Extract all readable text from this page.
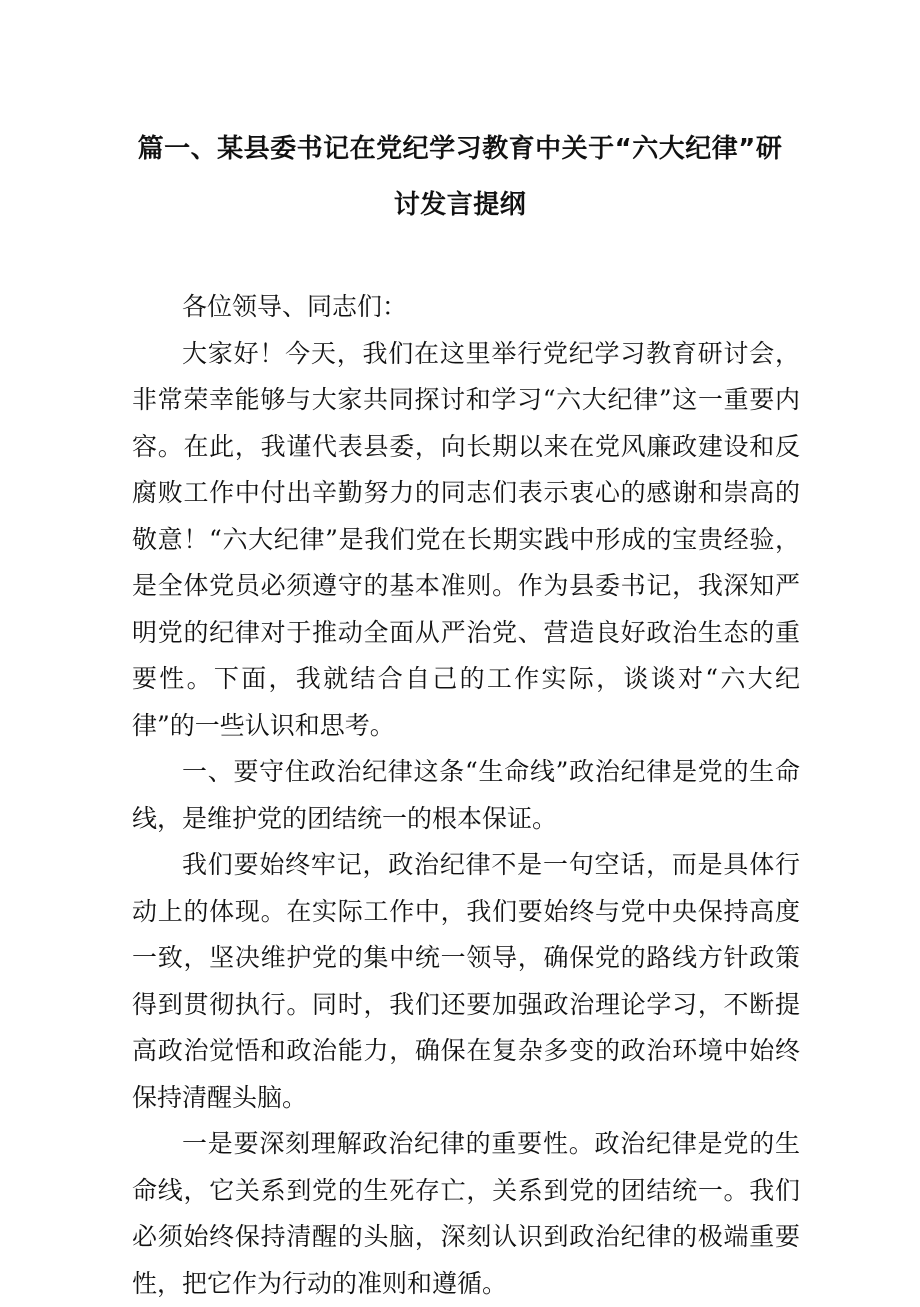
篇一、某县委书记在党纪学习教育中关于“六大纪律”研
讨发言提纲

各位领导、同志们：

大家好！今天，我们在这里举行党纪学习教育研讨会，非常荣幸能够与大家共同探讨和学习“六大纪律”这一重要内容。在此，我谨代表县委，向长期以来在党风廉政建设和反腐败工作中付出辛勤努力的同志们表示衷心的感谢和崇高的敬意！“六大纪律”是我们党在长期实践中形成的宝贵经验，是全体党员必须遵守的基本准则。作为县委书记，我深知严明党的纪律对于推动全面从严治党、营造良好政治生态的重要性。下面，我就结合自己的工作实际，谈谈对“六大纪律”的一些认识和思考。

一、要守住政治纪律这条“生命线”政治纪律是党的生命线，是维护党的团结统一的根本保证。

我们要始终牢记，政治纪律不是一句空话，而是具体行动上的体现。在实际工作中，我们要始终与党中央保持高度一致，坚决维护党的集中统一领导，确保党的路线方针政策得到贯彻执行。同时，我们还要加强政治理论学习，不断提高政治觉悟和政治能力，确保在复杂多变的政治环境中始终保持清醒头脑。

一是要深刻理解政治纪律的重要性。政治纪律是党的生命线，它关系到党的生死存亡，关系到党的团结统一。我们必须始终保持清醒的头脑，深刻认识到政治纪律的极端重要性，把它作为行动的准则和遵循。
